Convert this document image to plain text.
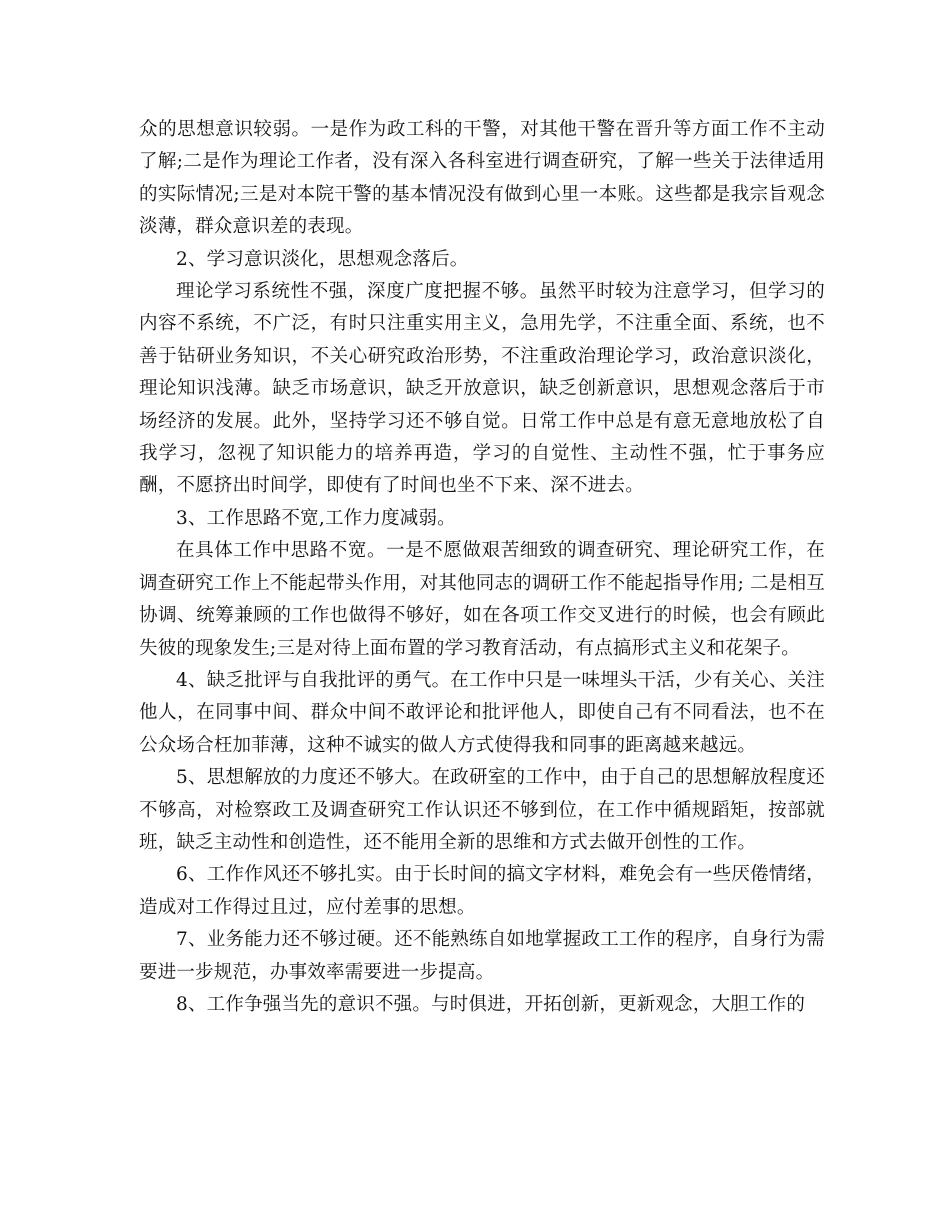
众的思想意识较弱。一是作为政工科的干警，对其他干警在晋升等方面工作不主动了解;二是作为理论工作者，没有深入各科室进行调查研究，了解一些关于法律适用的实际情况;三是对本院干警的基本情况没有做到心里一本账。这些都是我宗旨观念淡薄，群众意识差的表现。

2、学习意识淡化，思想观念落后。

理论学习系统性不强，深度广度把握不够。虽然平时较为注意学习，但学习的内容不系统，不广泛，有时只注重实用主义，急用先学，不注重全面、系统，也不善于钻研业务知识，不关心研究政治形势，不注重政治理论学习，政治意识淡化，理论知识浅薄。缺乏市场意识，缺乏开放意识，缺乏创新意识，思想观念落后于市场经济的发展。此外，坚持学习还不够自觉。日常工作中总是有意无意地放松了自我学习，忽视了知识能力的培养再造，学习的自觉性、主动性不强，忙于事务应酬，不愿挤出时间学，即使有了时间也坐不下来、深不进去。

3、工作思路不宽,工作力度减弱。

在具体工作中思路不宽。一是不愿做艰苦细致的调查研究、理论研究工作，在调查研究工作上不能起带头作用，对其他同志的调研工作不能起指导作用; 二是相互协调、统筹兼顾的工作也做得不够好，如在各项工作交叉进行的时候，也会有顾此失彼的现象发生;三是对待上面布置的学习教育活动，有点搞形式主义和花架子。

4、缺乏批评与自我批评的勇气。在工作中只是一味埋头干活，少有关心、关注他人，在同事中间、群众中间不敢评论和批评他人，即使自己有不同看法，也不在公众场合枉加菲薄，这种不诚实的做人方式使得我和同事的距离越来越远。

5、思想解放的力度还不够大。在政研室的工作中，由于自己的思想解放程度还不够高，对检察政工及调查研究工作认识还不够到位，在工作中循规蹈矩，按部就班，缺乏主动性和创造性，还不能用全新的思维和方式去做开创性的工作。

6、工作作风还不够扎实。由于长时间的搞文字材料，难免会有一些厌倦情绪，造成对工作得过且过，应付差事的思想。

7、业务能力还不够过硬。还不能熟练自如地掌握政工工作的程序，自身行为需要进一步规范，办事效率需要进一步提高。

8、工作争强当先的意识不强。与时俱进，开拓创新，更新观念，大胆工作的
